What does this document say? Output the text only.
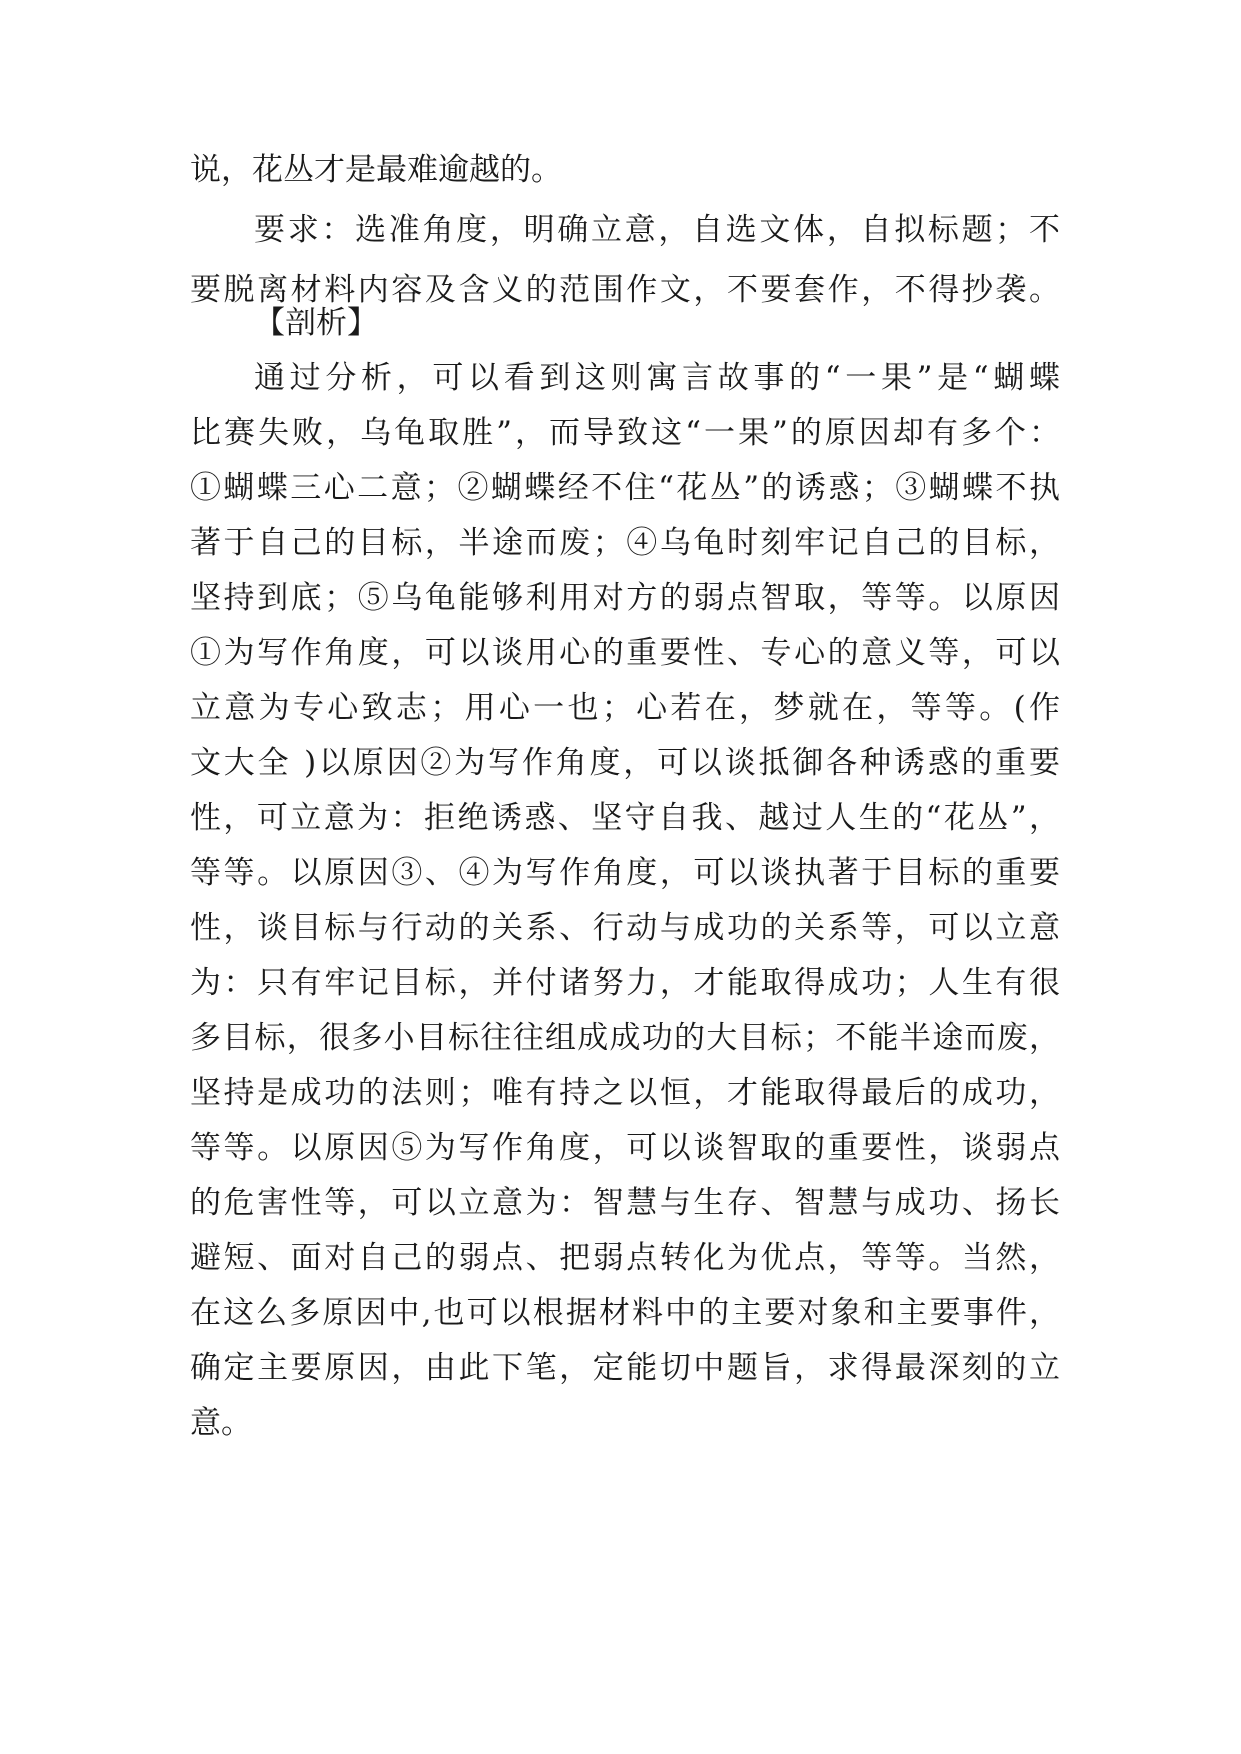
说，花丛才是最难逾越的。
要求：选准角度，明确立意，自选文体，自拟标题；不
要脱离材料内容及含义的范围作文，不要套作，不得抄袭。
【剖析】
通过分析，可以看到这则寓言故事的“一果”是“蝴蝶
比赛失败，乌龟取胜”，而导致这“一果”的原因却有多个：
①蝴蝶三心二意；②蝴蝶经不住“花丛”的诱惑；③蝴蝶不执
著于自己的目标，半途而废；④乌龟时刻牢记自己的目标，
坚持到底；⑤乌龟能够利用对方的弱点智取，等等。以原因
①为写作角度，可以谈用心的重要性、专心的意义等，可以
立意为专心致志；用心一也；心若在，梦就在，等等。(作
文大全 )以原因②为写作角度，可以谈抵御各种诱惑的重要
性，可立意为：拒绝诱惑、坚守自我、越过人生的“花丛”，
等等。以原因③、④为写作角度，可以谈执著于目标的重要
性，谈目标与行动的关系、行动与成功的关系等，可以立意
为：只有牢记目标，并付诸努力，才能取得成功；人生有很
多目标，很多小目标往往组成成功的大目标；不能半途而废，
坚持是成功的法则；唯有持之以恒，才能取得最后的成功，
等等。以原因⑤为写作角度，可以谈智取的重要性，谈弱点
的危害性等，可以立意为：智慧与生存、智慧与成功、扬长
避短、面对自己的弱点、把弱点转化为优点，等等。当然，
在这么多原因中,也可以根据材料中的主要对象和主要事件，
确定主要原因，由此下笔，定能切中题旨，求得最深刻的立
意。
